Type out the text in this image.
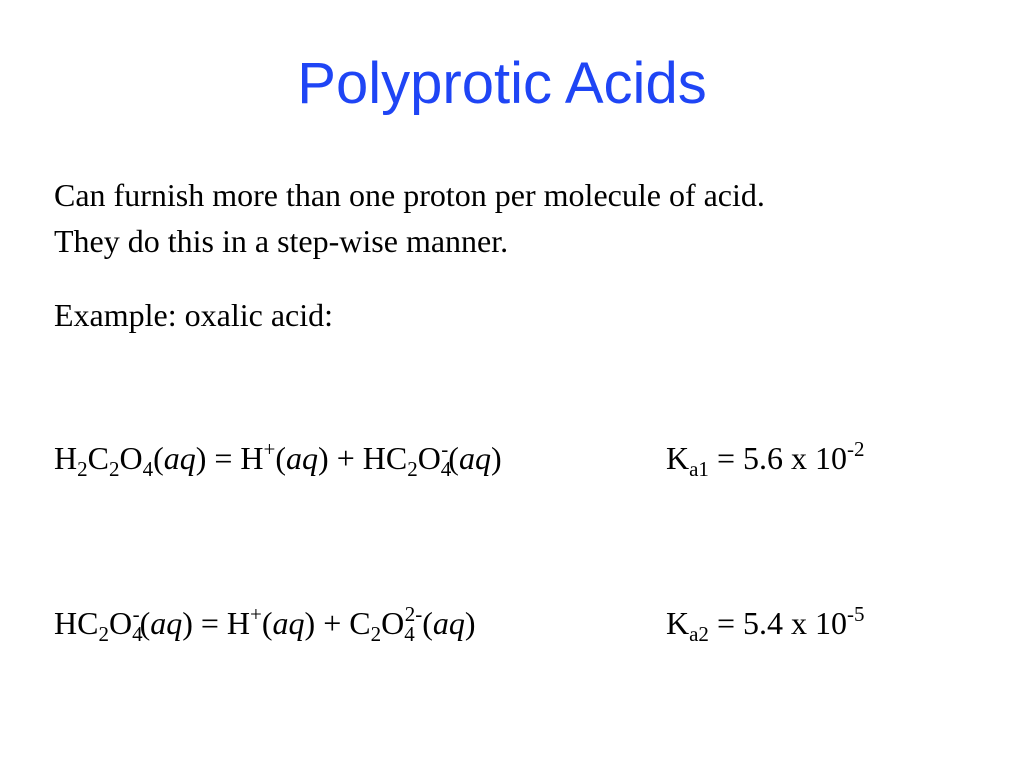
Polyprotic Acids

Can furnish more than one proton per molecule of acid.

They do this in a step-wise manner.

Example: oxalic acid:

$H_2C_2O_4(aq) = H^+(aq) + HC_2O_4^-(aq)$	$K_{a1} = 5.6$ x $10^{-2}$
$HC_2O_4^-(aq) = H^+(aq) + C_2O_4^{2-}(aq)$	$K_{a2} = 5.4$ x $10^{-5}$
